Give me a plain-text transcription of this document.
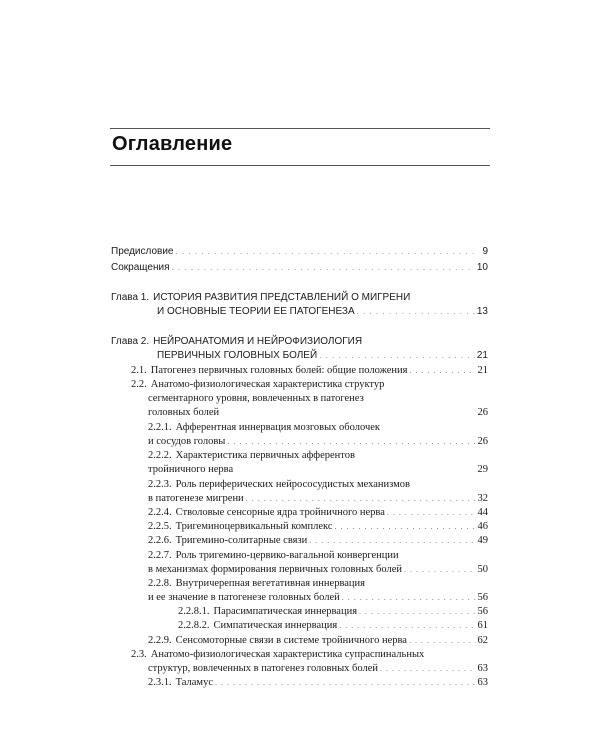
Оглавление
Предисловие . . .	9
Сокращения . . .	10
Глава 1. ИСТОРИЯ РАЗВИТИЯ ПРЕДСТАВЛЕНИЙ О МИГРЕНИ
И ОСНОВНЫЕ ТЕОРИИ ЕЕ ПАТОГЕНЕЗА . . .	13
Глава 2. НЕЙРОАНАТОМИЯ И НЕЙРОФИЗИОЛОГИЯ
ПЕРВИЧНЫХ ГОЛОВНЫХ БОЛЕЙ . . .	21
2.1. Патогенез первичных головных болей: общие положения . . .	21
2.2. Анатомо-физиологическая характеристика структур
сегментарного уровня, вовлеченных в патогенез
головных болей	26
2.2.1. Афферентная иннервация мозговых оболочек
и сосудов головы . . .	26
2.2.2. Характеристика первичных афферентов
тройничного нерва	29
2.2.3. Роль периферических нейрососудистых механизмов
в патогенезе мигрени . . .	32
2.2.4. Стволовые сенсорные ядра тройничного нерва . . .	44
2.2.5. Тригеминоцервикальный комплекс . . .	46
2.2.6. Тригемино-солитарные связи . . .	49
2.2.7. Роль тригемино-цервико-вагальной конвергенции
в механизмах формирования первичных головных болей . . .	50
2.2.8. Внутричерепная вегетативная иннервация
и ее значение в патогенезе головных болей . . .	56
2.2.8.1. Парасимпатическая иннервация . . .	56
2.2.8.2. Симпатическая иннервация . . .	61
2.2.9. Сенсомоторные связи в системе тройничного нерва . . .	62
2.3. Анатомо-физиологическая характеристика супраспинальных
структур, вовлеченных в патогенез головных болей . . .	63
2.3.1. Таламус . . .	63
